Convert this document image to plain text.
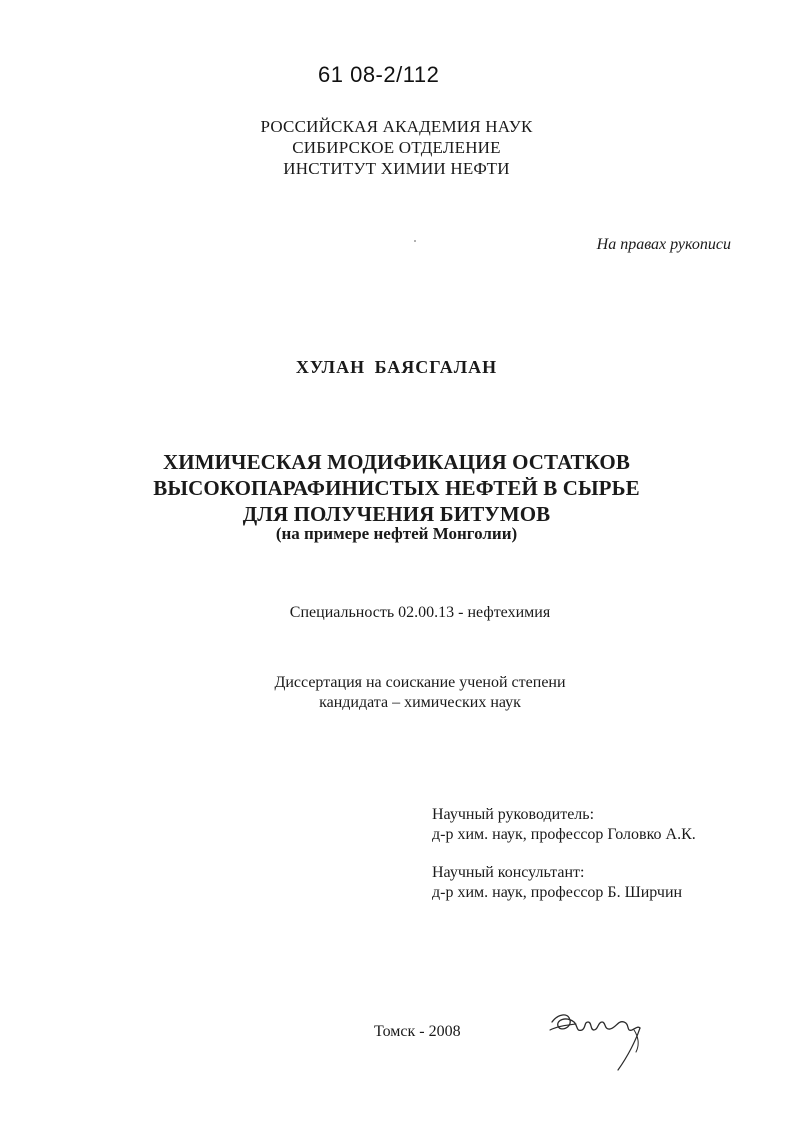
61 08-2/112
РОССИЙСКАЯ АКАДЕМИЯ НАУК
СИБИРСКОЕ ОТДЕЛЕНИЕ
ИНСТИТУТ ХИМИИ НЕФТИ
На правах рукописи
ХУЛАН БАЯСГАЛАН
ХИМИЧЕСКАЯ МОДИФИКАЦИЯ ОСТАТКОВ
ВЫСОКОПАРАФИНИСТЫХ НЕФТЕЙ В СЫРЬЕ
ДЛЯ ПОЛУЧЕНИЯ БИТУМОВ
(на примере нефтей Монголии)
Специальность 02.00.13 - нефтехимия
Диссертация на соискание ученой степени
кандидата – химических наук
Научный руководитель:
д-р хим. наук, профессор Головко А.К.
Научный консультант:
д-р хим. наук, профессор Б. Ширчин
Томск - 2008
